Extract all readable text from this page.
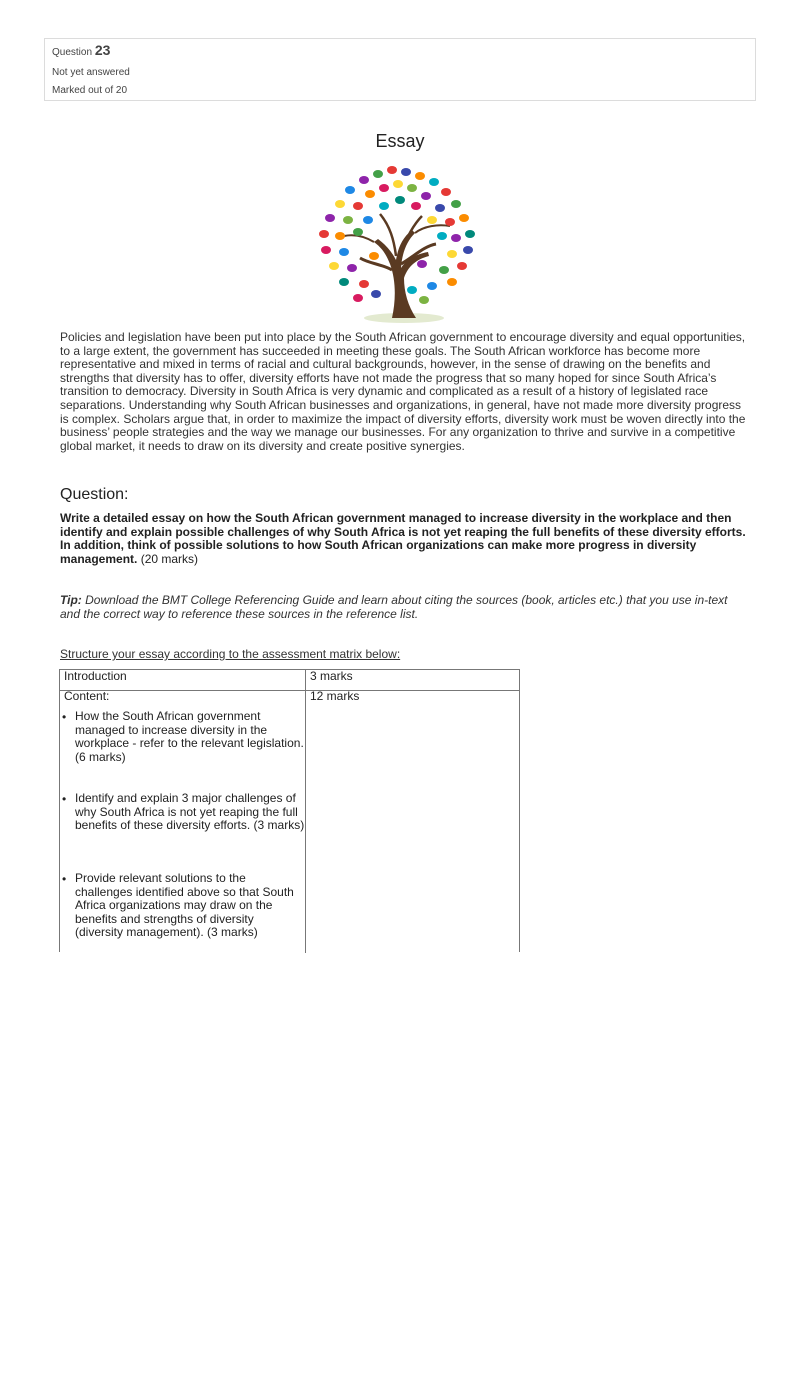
Question 23
Not yet answered
Marked out of 20
Essay

Policies and legislation have been put into place by the South African government to encourage diversity and equal opportunities, to a large extent, the government has succeeded in meeting these goals. The South African workforce has become more representative and mixed in terms of racial and cultural backgrounds, however, in the sense of drawing on the benefits and strengths that diversity has to offer, diversity efforts have not made the progress that so many hoped for since South Africa’s transition to democracy. Diversity in South Africa is very dynamic and complicated as a result of a history of legislated race separations. Understanding why South African businesses and organizations, in general, have not made more diversity progress is complex. Scholars argue that, in order to maximize the impact of diversity efforts, diversity work must be woven directly into the business’ people strategies and the way we manage our businesses. For any organization to thrive and survive in a competitive global market, it needs to draw on its diversity and create positive synergies.

Question:

Write a detailed essay on how the South African government managed to increase diversity in the workplace and then identify and explain possible challenges of why South Africa is not yet reaping the full benefits of these diversity efforts. In addition, think of possible solutions to how South African organizations can make more progress in diversity management. (20 marks)

Tip: Download the BMT College Referencing Guide and learn about citing the sources (book, articles etc.) that you use in-text and the correct way to reference these sources in the reference list.

Structure your essay according to the assessment matrix below:

Introduction	3 marks
Content:	12 marks
• How the South African government managed to increase diversity in the workplace - refer to the relevant legislation. (6 marks)
• Identify and explain 3 major challenges of why South Africa is not yet reaping the full benefits of these diversity efforts. (3 marks)
• Provide relevant solutions to the challenges identified above so that South Africa organizations may draw on the benefits and strengths of diversity (diversity management). (3 marks)
